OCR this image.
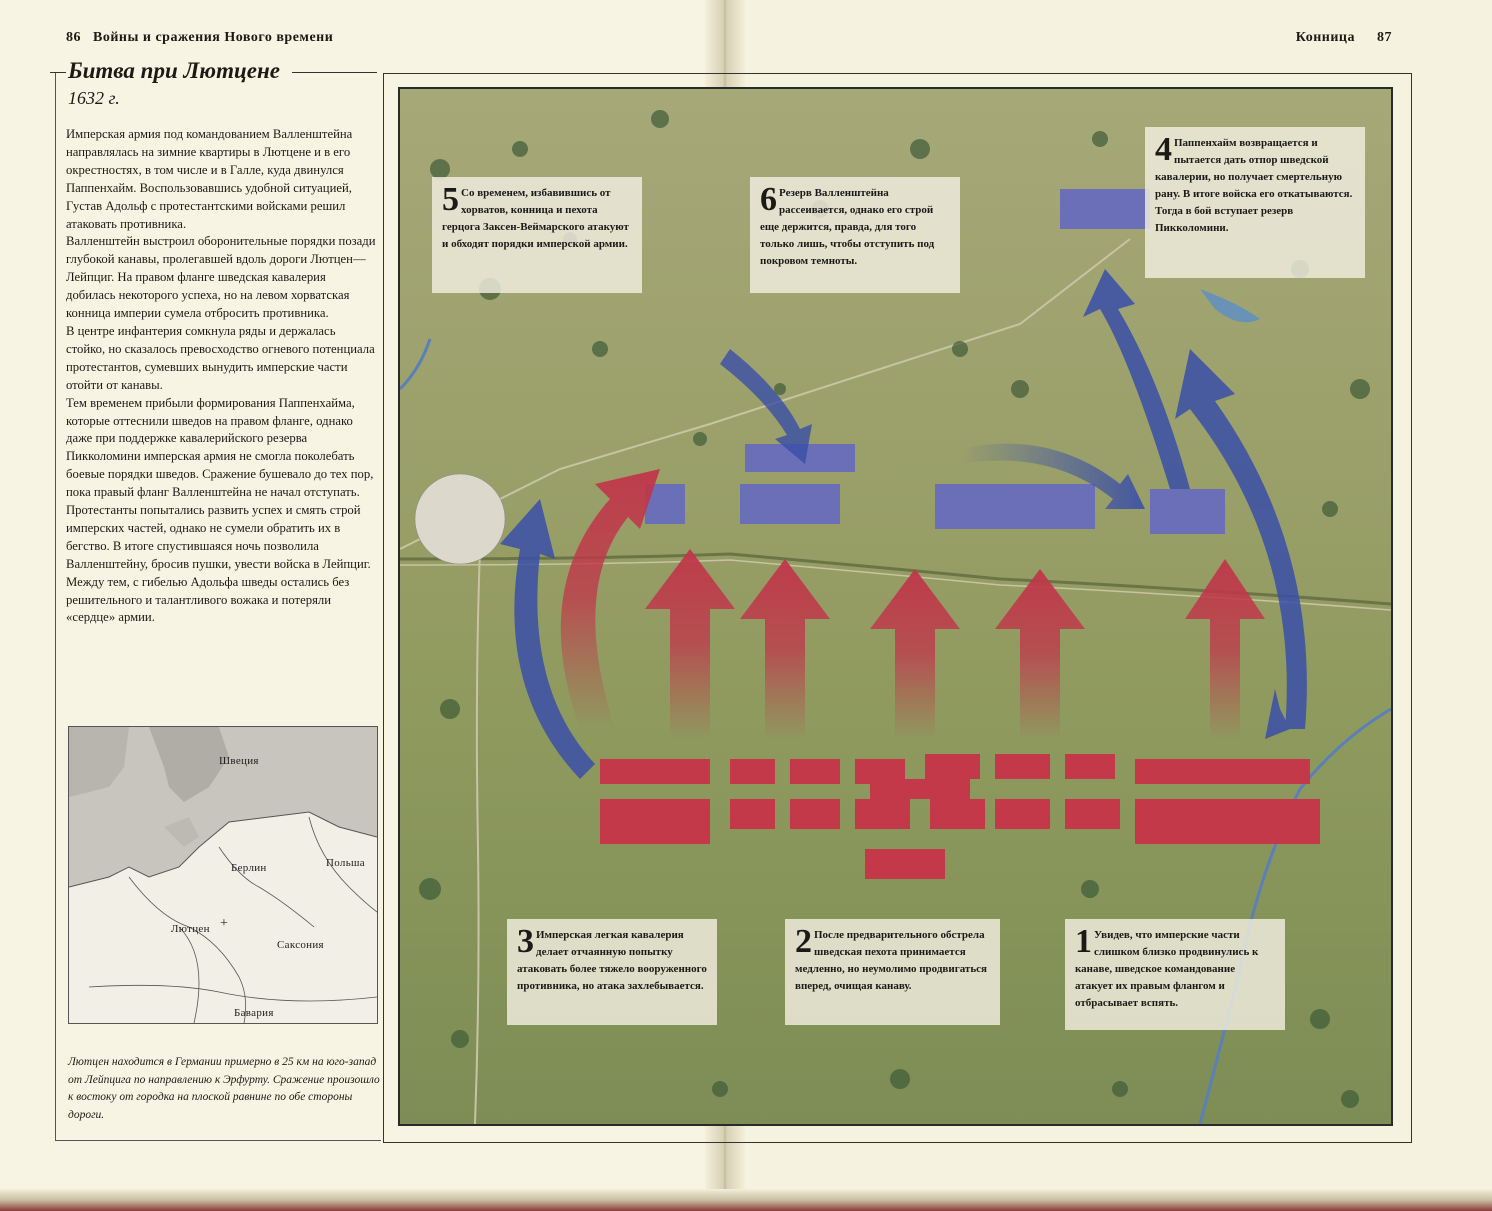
86 Войны и сражения Нового времени	Конница 87
Битва при Лютцене
1632 г.

Имперская армия под командованием Валленштейна направлялась на зимние квартиры в Лютцене и в его окрестностях, в том числе и в Галле, куда двинулся Паппенхайм. Воспользовавшись удобной ситуацией, Густав Адольф с протестантскими войсками решил атаковать противника.

Валленштейн выстроил оборонительные порядки позади глубокой канавы, пролегавшей вдоль дороги Лютцен—Лейпциг. На правом фланге шведская кавалерия добилась некоторого успеха, но на левом хорватская конница империи сумела отбросить противника.

В центре инфантерия сомкнула ряды и держалась стойко, но сказалось превосходство огневого потенциала протестантов, сумевших вынудить имперские части отойти от канавы.

Тем временем прибыли формирования Паппенхайма, которые оттеснили шведов на правом фланге, однако даже при поддержке кавалерийского резерва Пикколомини имперская армия не смогла поколебать боевые порядки шведов. Сражение бушевало до тех пор, пока правый фланг Валленштейна не начал отступать. Протестанты попытались развить успех и смять строй имперских частей, однако не сумели обратить их в бегство. В итоге спустившаяся ночь позволила Валленштейну, бросив пушки, увести войска в Лейпциг. Между тем, с гибелью Адольфа шведы остались без решительного и талантливого вожака и потеряли «сердце» армии.

+
Швеция
Берлин	Польша
Лютцен
Саксония
Бавария
Лютцен находится в Германии примерно в 25 км на юго-запад от Лейпцига по направлению к Эрфурту. Сражение произошло к востоку от городка на плоской равнине по обе стороны дороги.
5 Со временем, избавившись от хорватов, конница и пехота герцога Заксен-Веймарского атакуют и обходят порядки имперской армии.
6 Резерв Валленштейна рассеивается, однако его строй еще держится, правда, для того только лишь, чтобы отступить под покровом темноты.
4 Паппенхайм возвращается и пытается дать отпор шведской кавалерии, но получает смертельную рану. В итоге войска его откатываются. Тогда в бой вступает резерв Пикколомини.
3 Имперская легкая кавалерия делает отчаянную попытку атаковать более тяжело вооруженного противника, но атака захлебывается.
2 После предварительного обстрела шведская пехота принимается медленно, но неумолимо продвигаться вперед, очищая канаву.
1 Увидев, что имперские части слишком близко продвинулись к канаве, шведское командование атакует их правым флангом и отбрасывает вспять.
